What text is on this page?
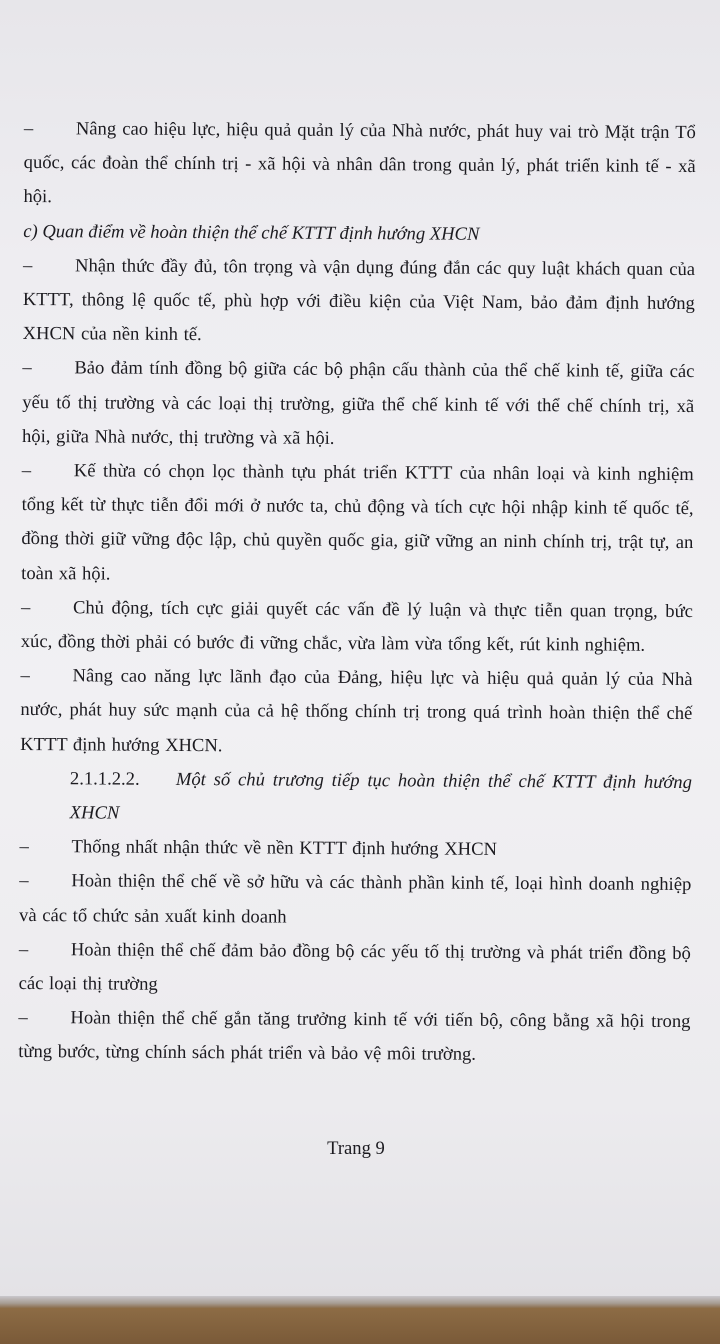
– Nâng cao hiệu lực, hiệu quả quản lý của Nhà nước, phát huy vai trò Mặt trận Tổ quốc, các đoàn thể chính trị - xã hội và nhân dân trong quản lý, phát triển kinh tế - xã hội.

c) Quan điểm về hoàn thiện thể chế KTTT định hướng XHCN

– Nhận thức đầy đủ, tôn trọng và vận dụng đúng đắn các quy luật khách quan của KTTT, thông lệ quốc tế, phù hợp với điều kiện của Việt Nam, bảo đảm định hướng XHCN của nền kinh tế.

– Bảo đảm tính đồng bộ giữa các bộ phận cấu thành của thể chế kinh tế, giữa các yếu tố thị trường và các loại thị trường, giữa thể chế kinh tế với thể chế chính trị, xã hội, giữa Nhà nước, thị trường và xã hội.

– Kế thừa có chọn lọc thành tựu phát triển KTTT của nhân loại và kinh nghiệm tổng kết từ thực tiễn đổi mới ở nước ta, chủ động và tích cực hội nhập kinh tế quốc tế, đồng thời giữ vững độc lập, chủ quyền quốc gia, giữ vững an ninh chính trị, trật tự, an toàn xã hội.

– Chủ động, tích cực giải quyết các vấn đề lý luận và thực tiễn quan trọng, bức xúc, đồng thời phải có bước đi vững chắc, vừa làm vừa tổng kết, rút kinh nghiệm.

– Nâng cao năng lực lãnh đạo của Đảng, hiệu lực và hiệu quả quản lý của Nhà nước, phát huy sức mạnh của cả hệ thống chính trị trong quá trình hoàn thiện thể chế KTTT định hướng XHCN.

2.1.1.2.2. Một số chủ trương tiếp tục hoàn thiện thể chế KTTT định hướng XHCN

– Thống nhất nhận thức về nền KTTT định hướng XHCN

– Hoàn thiện thể chế về sở hữu và các thành phần kinh tế, loại hình doanh nghiệp và các tổ chức sản xuất kinh doanh

– Hoàn thiện thể chế đảm bảo đồng bộ các yếu tố thị trường và phát triển đồng bộ các loại thị trường

– Hoàn thiện thể chế gắn tăng trưởng kinh tế với tiến bộ, công bằng xã hội trong từng bước, từng chính sách phát triển và bảo vệ môi trường.

Trang 9
